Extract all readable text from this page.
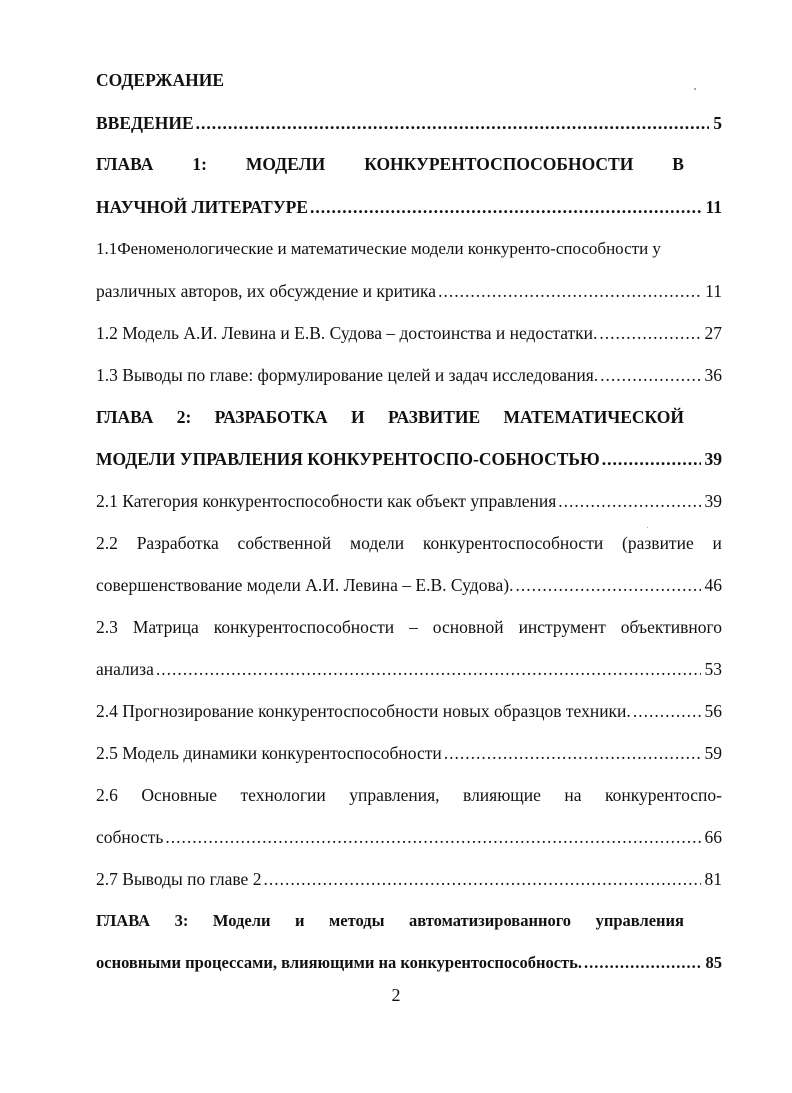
СОДЕРЖАНИЕ
ВВЕДЕНИЕ .....	5
ГЛАВА 1: МОДЕЛИ КОНКУРЕНТОСПОСОБНОСТИ В
НАУЧНОЙ ЛИТЕРАТУРЕ .....	11
1.1Феноменологические и математические модели конкуренто-способности у
различных авторов, их обсуждение и критика .....	11
1.2 Модель А.И. Левина и Е.В. Судова – достоинства и недостатки. .....	27
1.3 Выводы по главе: формулирование целей и задач исследования. .....	36
ГЛАВА 2: РАЗРАБОТКА И РАЗВИТИЕ МАТЕМАТИЧЕСКОЙ
МОДЕЛИ УПРАВЛЕНИЯ КОНКУРЕНТОСПО-СОБНОСТЬЮ .....	39
2.1 Категория конкурентоспособности как объект управления .....	39
2.2 Разработка собственной модели конкурентоспособности (развитие и
совершенствование модели А.И. Левина – Е.В. Судова). .....	46
2.3 Матрица конкурентоспособности – основной инструмент объективного
анализа .....	53
2.4 Прогнозирование конкурентоспособности новых образцов техники. .....	56
2.5 Модель динамики конкурентоспособности .....	59
2.6 Основные технологии управления, влияющие на конкурентоспо-
собность .....	66
2.7 Выводы по главе 2 .....	81
ГЛАВА 3: Модели и методы автоматизированного управления
основными процессами, влияющими на конкурентоспособность. .....	85
2
